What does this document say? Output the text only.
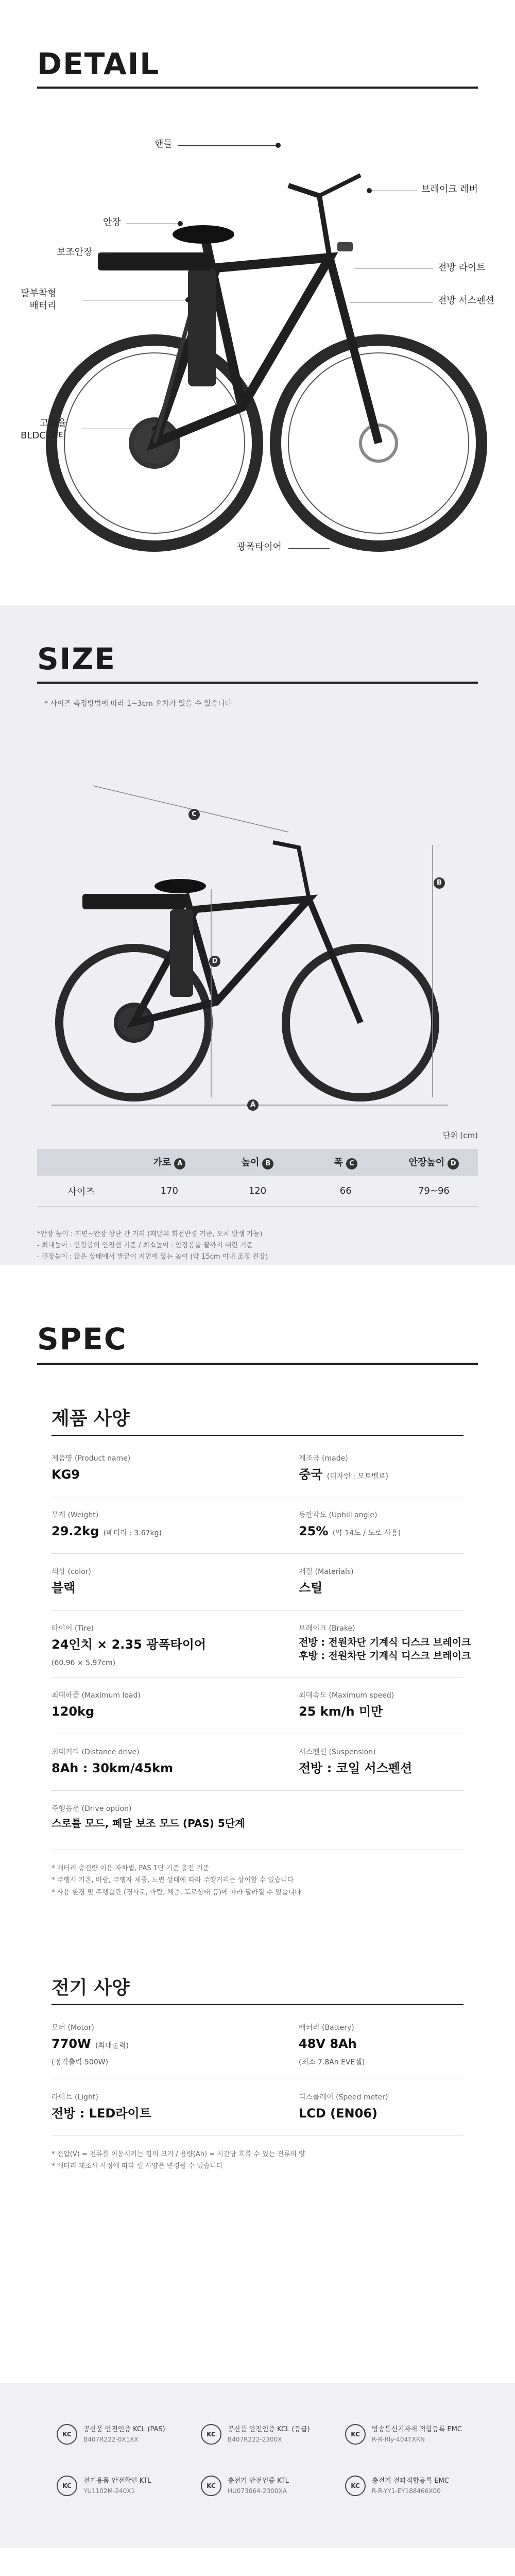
DETAIL
핸들
브레이크 레버
안장
보조안장
탈부착형
배터리
전방 라이트
전방 서스펜션
고효율
BLDC 모터
광폭타이어
SIZE
* 사이즈 측정방법에 따라 1~3cm 오차가 있을 수 있습니다
A
B
C
D
단위 (cm)
가로 A	높이 B	폭 C	안장높이 D
사이즈	170	120	66	79~96
*안장 높이 : 지면~안장 상단 간 거리 (페달의 회전반경 기준, 오차 발생 가능)
- 최대높이 : 안장봉의 안전선 기준 / 최소높이 : 안장봉을 끝까지 내린 기준
- 권장높이 : 앉은 상태에서 발끝이 지면에 닿는 높이 (약 15cm 이내 조정 권장)
SPEC
제품 사양
제품명 (Product name)
KG9
제조국 (made)
중국 (디자인 : 모토벨로)
무게 (Weight)
29.2kg (배터리 : 3.67kg)
등판각도 (Uphill angle)
25% (약 14도 / 도로 사용)
색상 (color)
블랙
재질 (Materials)
스틸
타이어 (Tire)
24인치 × 2.35 광폭타이어
(60.96 × 5.97cm)
브레이크 (Brake)
전방 : 전원차단 기계식 디스크 브레이크
후방 : 전원차단 기계식 디스크 브레이크
최대하중 (Maximum load)
120kg
최대속도 (Maximum speed)
25 km/h 미만
최대거리 (Distance drive)
8Ah : 30km/45km
서스펜션 (Suspension)
전방 : 코일 서스펜션
주행옵션 (Drive option)
스로틀 모드, 페달 보조 모드 (PAS) 5단계
* 배터리 충전량 이용 자차법, PAS 1단 기준 충전 기준
* 주행시 기온, 바람, 주행자 체중, 노면 상태에 따라 주행거리는 상이할 수 있습니다
* 사용 환경 및 주행습관 (경사로, 바람, 체중, 도로상태 등)에 따라 달라질 수 있습니다
전기 사양
모터 (Motor)
770W (최대출력)
(정격출력 500W)
배터리 (Battery)
48V 8Ah
(최소 7.8Ah EVE셀)
라이트 (Light)
전방 : LED라이트
디스플레이 (Speed meter)
LCD (EN06)
* 전압(V) = 전류를 이동시키는 힘의 크기 / 용량(Ah) = 시간당 흐를 수 있는 전류의 양
* 배터리 제조사 사정에 따라 셀 사양은 변경될 수 있습니다
KC
공산품 안전인증 KCL (PAS)
B407R222-0X1XX
KC
공산품 안전인증 KCL (등급)
B407R222-2300X
KC
방송통신기자재 적합등록 EMC
R-R-Rly-404TXRN
KC
전기용품 안전확인 KTL
YU1102M-240X1
KC
충전기 안전인증 KTL
HU073064-2300XA
KC
충전기 전파적합등록 EMC
R-R-YY1-EY188466X00
